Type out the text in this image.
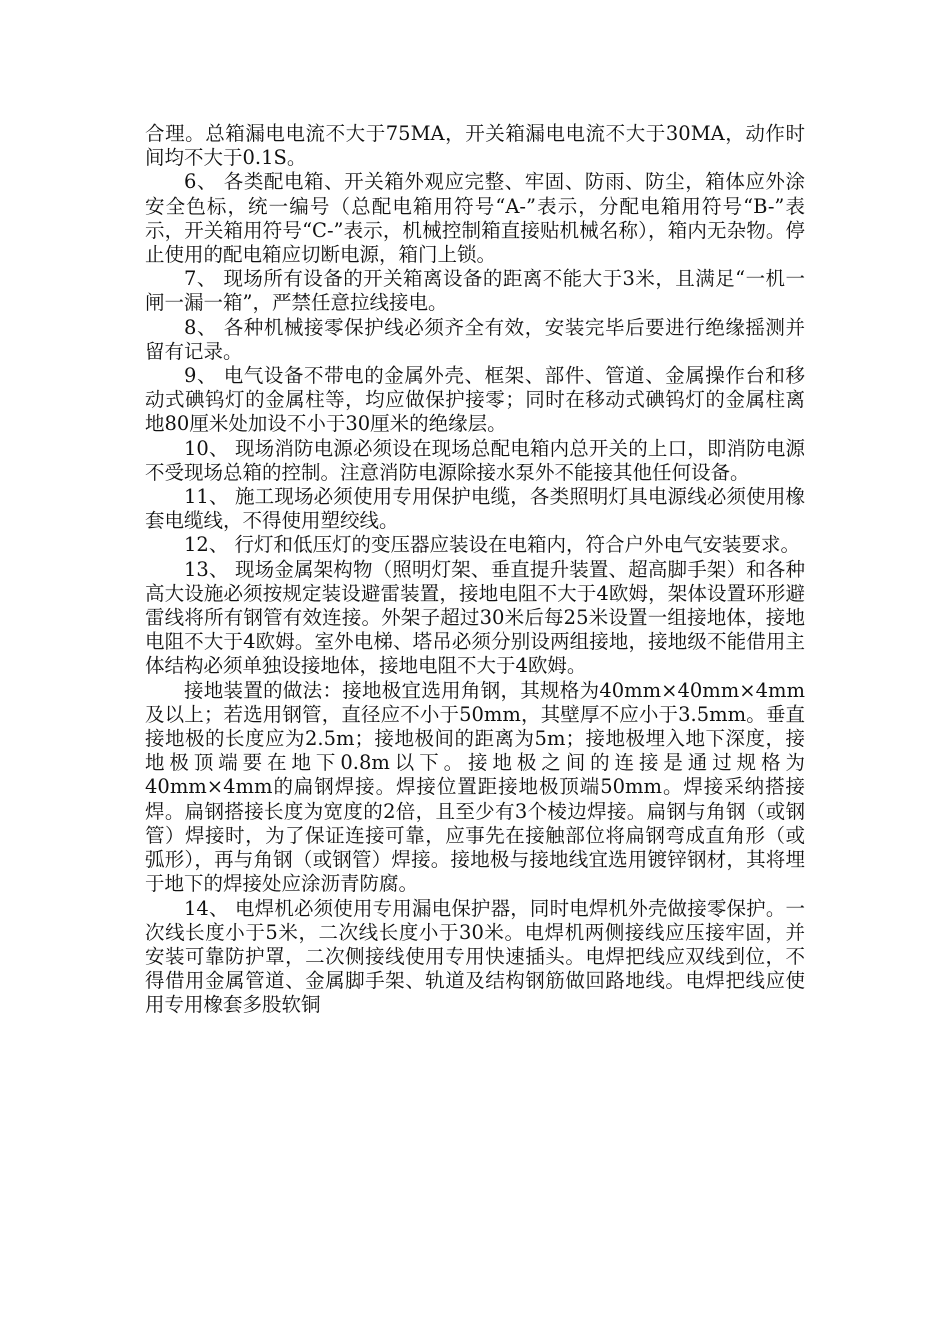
合理。总箱漏电电流不大于75MA，开关箱漏电电流不大于30MA，动作时间均不大于0.1S。

6、 各类配电箱、开关箱外观应完整、牢固、防雨、防尘，箱体应外涂安全色标，统一编号（总配电箱用符号“A-”表示，分配电箱用符号“B-”表示，开关箱用符号“C-”表示，机械控制箱直接贴机械名称），箱内无杂物。停止使用的配电箱应切断电源，箱门上锁。

7、 现场所有设备的开关箱离设备的距离不能大于3米，且满足“一机一闸一漏一箱”，严禁任意拉线接电。

8、 各种机械接零保护线必须齐全有效，安装完毕后要进行绝缘摇测并留有记录。

9、 电气设备不带电的金属外壳、框架、部件、管道、金属操作台和移动式碘钨灯的金属柱等，均应做保护接零；同时在移动式碘钨灯的金属柱离地80厘米处加设不小于30厘米的绝缘层。

10、 现场消防电源必须设在现场总配电箱内总开关的上口，即消防电源不受现场总箱的控制。注意消防电源除接水泵外不能接其他任何设备。

11、 施工现场必须使用专用保护电缆，各类照明灯具电源线必须使用橡套电缆线，不得使用塑绞线。

12、 行灯和低压灯的变压器应装设在电箱内，符合户外电气安装要求。

13、 现场金属架构物（照明灯架、垂直提升装置、超高脚手架）和各种高大设施必须按规定装设避雷装置，接地电阻不大于4欧姆，架体设置环形避雷线将所有钢管有效连接。外架子超过30米后每25米设置一组接地体，接地电阻不大于4欧姆。室外电梯、塔吊必须分别设两组接地，接地级不能借用主体结构必须单独设接地体，接地电阻不大于4欧姆。

接地装置的做法：接地极宜选用角钢，其规格为40mm×40mm×4mm及以上；若选用钢管，直径应不小于50mm，其壁厚不应小于3.5mm。垂直接地极的长度应为2.5m；接地极间的距离为5m；接地极埋入地下深度，接地极顶端要在地下0.8m以下。接地极之间的连接是通过规格为40mm×4mm的扁钢焊接。焊接位置距接地极顶端50mm。焊接采纳搭接焊。扁钢搭接长度为宽度的2倍，且至少有3个棱边焊接。扁钢与角钢（或钢管）焊接时，为了保证连接可靠，应事先在接触部位将扁钢弯成直角形（或弧形），再与角钢（或钢管）焊接。接地极与接地线宜选用镀锌钢材，其将埋于地下的焊接处应涂沥青防腐。

14、 电焊机必须使用专用漏电保护器，同时电焊机外壳做接零保护。一次线长度小于5米，二次线长度小于30米。电焊机两侧接线应压接牢固，并安装可靠防护罩，二次侧接线使用专用快速插头。电焊把线应双线到位，不得借用金属管道、金属脚手架、轨道及结构钢筋做回路地线。电焊把线应使用专用橡套多股软铜
